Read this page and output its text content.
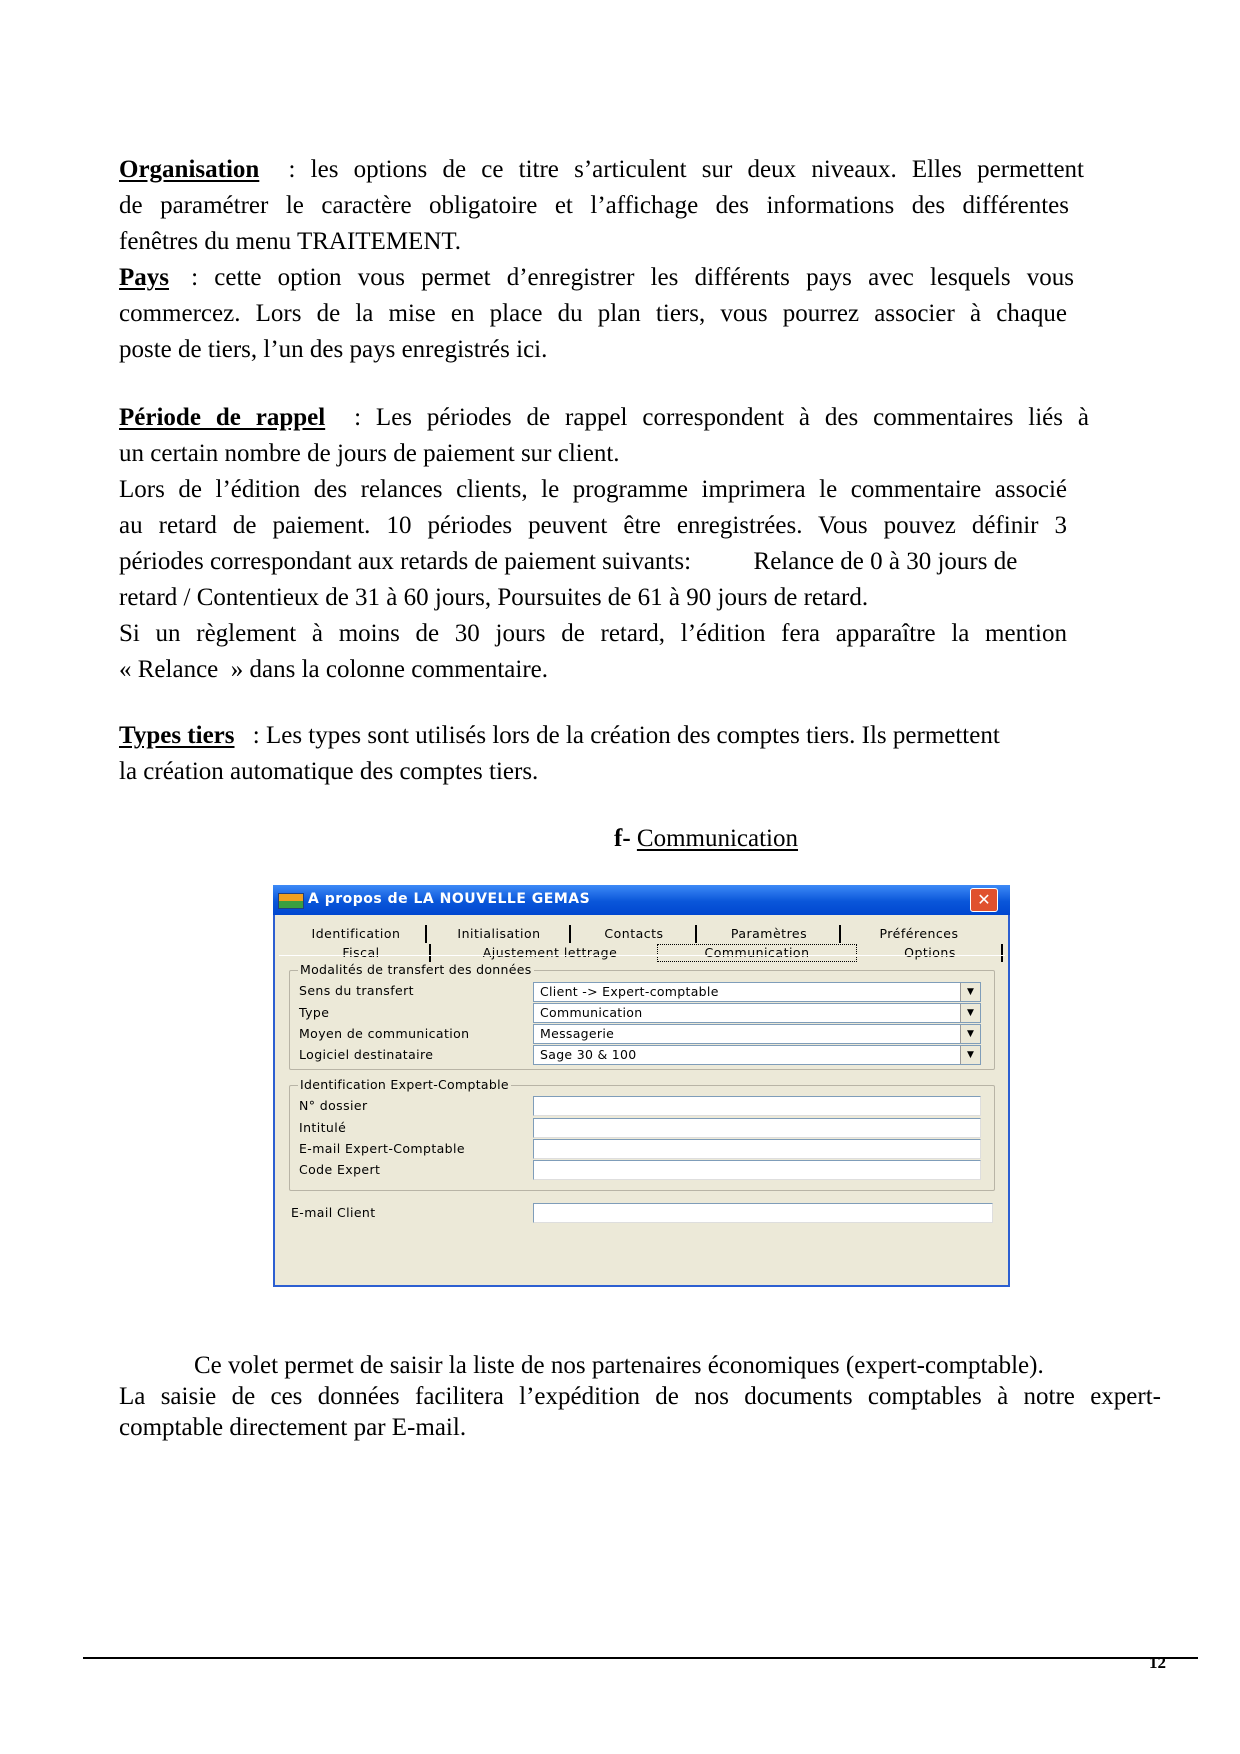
Organisation : les options de ce titre s’articulent sur deux niveaux. Elles permettent
de paramétrer le caractère obligatoire et l’affichage des informations des différentes
fenêtres du menu TRAITEMENT.
Pays : cette option vous permet d’enregistrer les différents pays avec lesquels vous
commercez. Lors de la mise en place du plan tiers, vous pourrez associer à chaque
poste de tiers, l’un des pays enregistrés ici.
Période de rappel : Les périodes de rappel correspondent à des commentaires liés à
un certain nombre de jours de paiement sur client.
Lors de l’édition des relances clients, le programme imprimera le commentaire associé
au retard de paiement. 10 périodes peuvent être enregistrées. Vous pouvez définir 3
périodes correspondant aux retards de paiement suivants:          Relance de 0 à 30 jours de
retard / Contentieux de 31 à 60 jours, Poursuites de 61 à 90 jours de retard.
Si un règlement à moins de 30 jours de retard, l’édition fera apparaître la mention
« Relance  » dans la colonne commentaire.
Types tiers : Les types sont utilisés lors de la création des comptes tiers. Ils permettent
la création automatique des comptes tiers.
f- Communication
A propos de LA NOUVELLE GEMAS	✕
Identification	Initialisation	Contacts	Paramètres	Préférences
Fiscal	Ajustement lettrage	Communication	Options
Modalités de transfert des données
Sens du transfert	Client -> Expert-comptable	▼
Type	Communication	▼
Moyen de communication	Messagerie	▼
Logiciel destinataire	Sage 30 & 100	▼
Identification Expert-Comptable
N° dossier
Intitulé
E-mail Expert-Comptable
Code Expert
E-mail Client
Ce volet permet de saisir la liste de nos partenaires économiques (expert-comptable).
La saisie de ces données facilitera l’expédition de nos documents comptables à notre expert-
comptable directement par E-mail.
12
